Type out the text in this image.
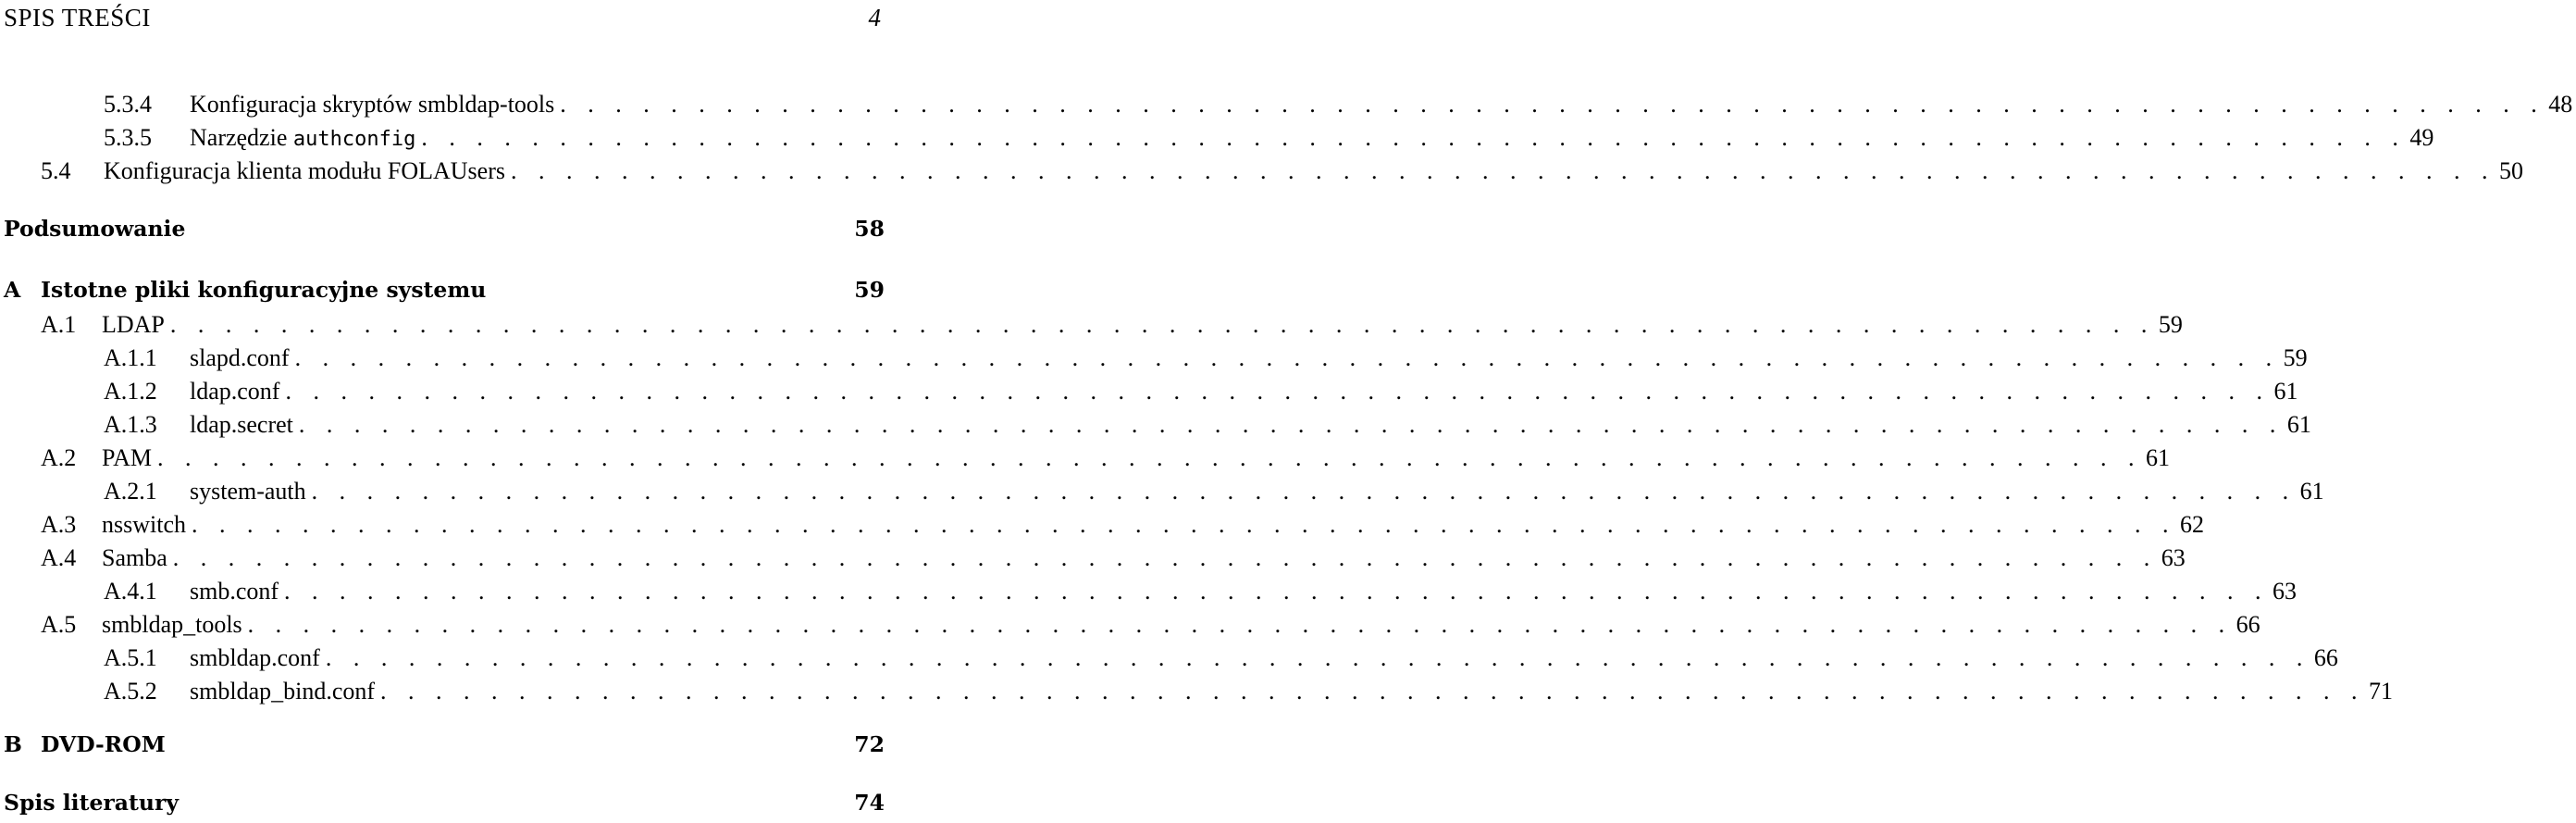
SPIS TREŚCI	4
5.3.4	Konfiguracja skryptów smbldap-tools . . . . . . . . . . . . . . . . . . . . . . . . . . . . . . . . . . . . . . . . . . . . . . . . . . . . . . . . . . . . . . . . . . . . . . . . 48
5.3.5	Narzędzie authconfig . . . . . . . . . . . . . . . . . . . . . . . . . . . . . . . . . . . . . . . . . . . . . . . . . . . . . . . . . . . . . . . . . . . . . . . . 49
5.4	Konfiguracja klienta modułu FOLAUsers . . . . . . . . . . . . . . . . . . . . . . . . . . . . . . . . . . . . . . . . . . . . . . . . . . . . . . . . . . . . . . . . . . . . . . . . 50
Podsumowanie	58
A Istotne pliki konfiguracyjne systemu	59
A.1	LDAP . . . . . . . . . . . . . . . . . . . . . . . . . . . . . . . . . . . . . . . . . . . . . . . . . . . . . . . . . . . . . . . . . . . . . . . . 59
A.1.1	slapd.conf . . . . . . . . . . . . . . . . . . . . . . . . . . . . . . . . . . . . . . . . . . . . . . . . . . . . . . . . . . . . . . . . . . . . . . . . 59
A.1.2	ldap.conf . . . . . . . . . . . . . . . . . . . . . . . . . . . . . . . . . . . . . . . . . . . . . . . . . . . . . . . . . . . . . . . . . . . . . . . . 61
A.1.3	ldap.secret . . . . . . . . . . . . . . . . . . . . . . . . . . . . . . . . . . . . . . . . . . . . . . . . . . . . . . . . . . . . . . . . . . . . . . . . 61
A.2	PAM . . . . . . . . . . . . . . . . . . . . . . . . . . . . . . . . . . . . . . . . . . . . . . . . . . . . . . . . . . . . . . . . . . . . . . . . 61
A.2.1	system-auth . . . . . . . . . . . . . . . . . . . . . . . . . . . . . . . . . . . . . . . . . . . . . . . . . . . . . . . . . . . . . . . . . . . . . . . . 61
A.3	nsswitch . . . . . . . . . . . . . . . . . . . . . . . . . . . . . . . . . . . . . . . . . . . . . . . . . . . . . . . . . . . . . . . . . . . . . . . . 62
A.4	Samba . . . . . . . . . . . . . . . . . . . . . . . . . . . . . . . . . . . . . . . . . . . . . . . . . . . . . . . . . . . . . . . . . . . . . . . . 63
A.4.1	smb.conf . . . . . . . . . . . . . . . . . . . . . . . . . . . . . . . . . . . . . . . . . . . . . . . . . . . . . . . . . . . . . . . . . . . . . . . . 63
A.5	smbldap_tools . . . . . . . . . . . . . . . . . . . . . . . . . . . . . . . . . . . . . . . . . . . . . . . . . . . . . . . . . . . . . . . . . . . . . . . . 66
A.5.1	smbldap.conf . . . . . . . . . . . . . . . . . . . . . . . . . . . . . . . . . . . . . . . . . . . . . . . . . . . . . . . . . . . . . . . . . . . . . . . . 66
A.5.2	smbldap_bind.conf . . . . . . . . . . . . . . . . . . . . . . . . . . . . . . . . . . . . . . . . . . . . . . . . . . . . . . . . . . . . . . . . . . . . . . . . 71
B DVD-ROM	72
Spis literatury	74
